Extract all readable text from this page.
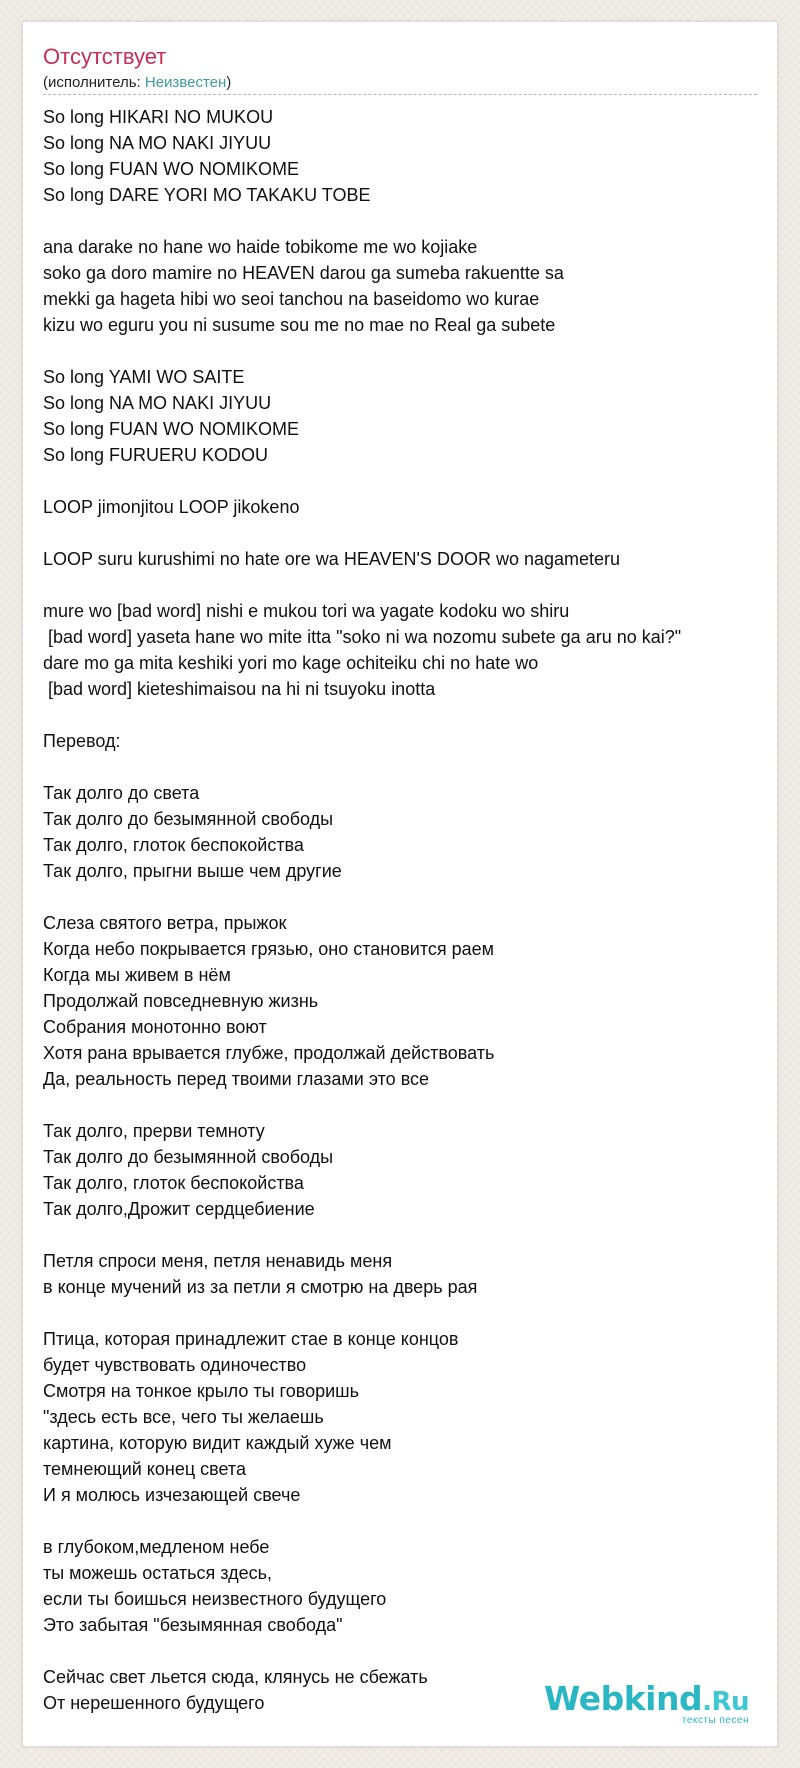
Отсутствует
(исполнитель: Неизвестен)
So long HIKARI NO MUKOU
So long NA MO NAKI JIYUU
So long FUAN WO NOMIKOME
So long DARE YORI MO TAKAKU TOBE
ana darake no hane wo haide tobikome me wo kojiake
soko ga doro mamire no HEAVEN darou ga sumeba rakuentte sa
mekki ga hageta hibi wo seoi tanchou na baseidomo wo kurae
kizu wo eguru you ni susume sou me no mae no Real ga subete
So long YAMI WO SAITE
So long NA MO NAKI JIYUU
So long FUAN WO NOMIKOME
So long FURUERU KODOU
LOOP jimonjitou LOOP jikokeno
LOOP suru kurushimi no hate ore wa HEAVEN'S DOOR wo nagameteru
mure wo [bad word] nishi e mukou tori wa yagate kodoku wo shiru
[bad word] yaseta hane wo mite itta "soko ni wa nozomu subete ga aru no kai?"
dare mo ga mita keshiki yori mo kage ochiteiku chi no hate wo
[bad word] kieteshimaisou na hi ni tsuyoku inotta
Перевод:
Так долго до света
Так долго до безымянной свободы
Так долго, глоток беспокойства
Так долго, прыгни выше чем другие
Слеза святого ветра, прыжок
Когда небо покрывается грязью, оно становится раем
Когда мы живем в нём
Продолжай повседневную жизнь
Собрания монотонно воют
Хотя рана врывается глубже, продолжай действовать
Да, реальность перед твоими глазами это все
Так долго, прерви темноту
Так долго до безымянной свободы
Так долго, глоток беспокойства
Так долго,Дрожит сердцебиение
Петля спроси меня, петля ненавидь меня
в конце мучений из за петли я смотрю на дверь рая
Птица, которая принадлежит стае в конце концов
будет чувствовать одиночество
Смотря на тонкое крыло ты говоришь
"здесь есть все, чего ты желаешь
картина, которую видит каждый хуже чем
темнеющий конец света
И я молюсь изчезающей свече
в глубоком,медленом небе
ты можешь остаться здесь,
если ты боишься неизвестного будущего
Это забытая "безымянная свобода"
Сейчас свет льется сюда, клянусь не сбежать
От нерешенного будущего	Webkind.Ru
тексты песен
